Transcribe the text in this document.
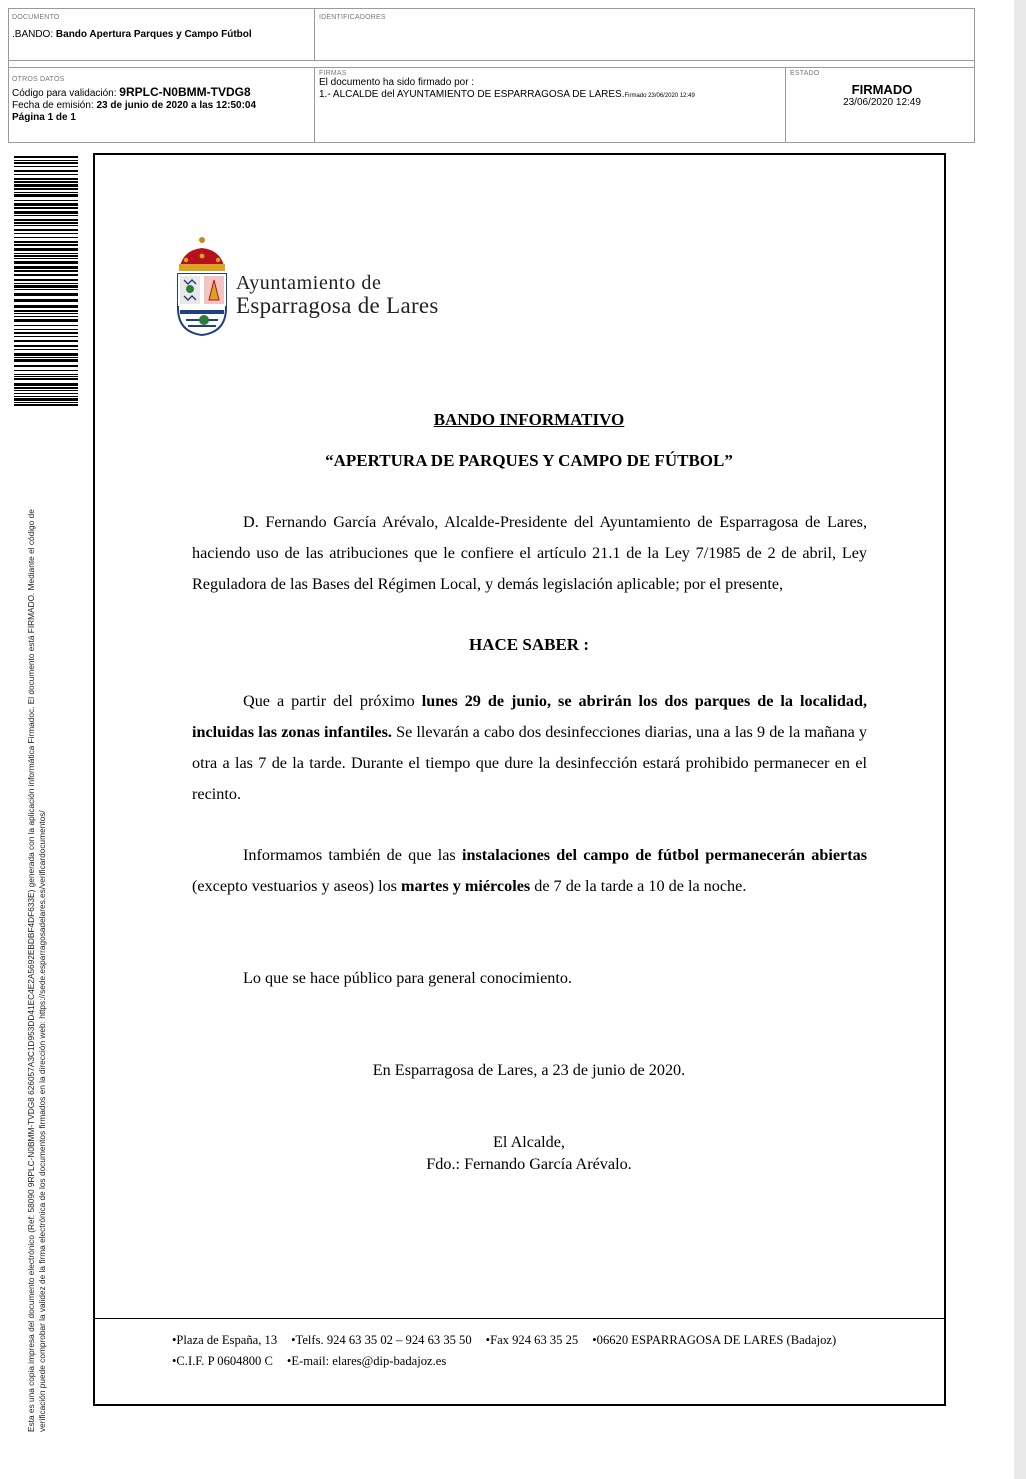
DOCUMENTO
.BANDO: Bando Apertura Parques y Campo Fútbol
IDENTIFICADORES
OTROS DATOS
Código para validación: 9RPLC-N0BMM-TVDG8
Fecha de emisión: 23 de junio de 2020 a las 12:50:04
Página 1 de 1
FIRMAS
El documento ha sido firmado por :
1.- ALCALDE del AYUNTAMIENTO DE ESPARRAGOSA DE LARES.Firmado 23/06/2020 12:49
ESTADO
FIRMADO
23/06/2020 12:49
Esta es una copia impresa del documento electrónico (Ref: 58090 9RPLC-N0BMM-TVDG8 626057A3C1D953DD41EC4E2A5692EBDBF4DF633E) generada con la aplicación informática Firmadoc. El documento está FIRMADO. Mediante el código de verificación puede comprobar la validez de la firma electrónica de los documentos firmados en la dirección web: https://sede.esparragosadelares.es/verificardocumentos/
Ayuntamiento de
Esparragosa de Lares
BANDO INFORMATIVO
“APERTURA DE PARQUES Y CAMPO DE FÚTBOL”
D. Fernando García Arévalo, Alcalde-Presidente del Ayuntamiento de Esparragosa de Lares, haciendo uso de las atribuciones que le confiere el artículo 21.1 de la Ley 7/1985 de 2 de abril, Ley Reguladora de las Bases del Régimen Local, y demás legislación aplicable; por el presente,
HACE SABER :
Que a partir del próximo lunes 29 de junio, se abrirán los dos parques de la localidad, incluidas las zonas infantiles. Se llevarán a cabo dos desinfecciones diarias, una a las 9 de la mañana y otra a las 7 de la tarde. Durante el tiempo que dure la desinfección estará prohibido permanecer en el recinto.
Informamos también de que las instalaciones del campo de fútbol permanecerán abiertas (excepto vestuarios y aseos) los martes y miércoles de 7 de la tarde a 10 de la noche.
Lo que se hace público para general conocimiento.
En Esparragosa de Lares, a 23 de junio de 2020.
El Alcalde,
Fdo.: Fernando García Arévalo.
•Plaza de España, 13 •Telfs. 924 63 35 02 – 924 63 35 50 •Fax 924 63 35 25 •06620 ESPARRAGOSA DE LARES (Badajoz)
•C.I.F. P 0604800 C •E-mail: elares@dip-badajoz.es
